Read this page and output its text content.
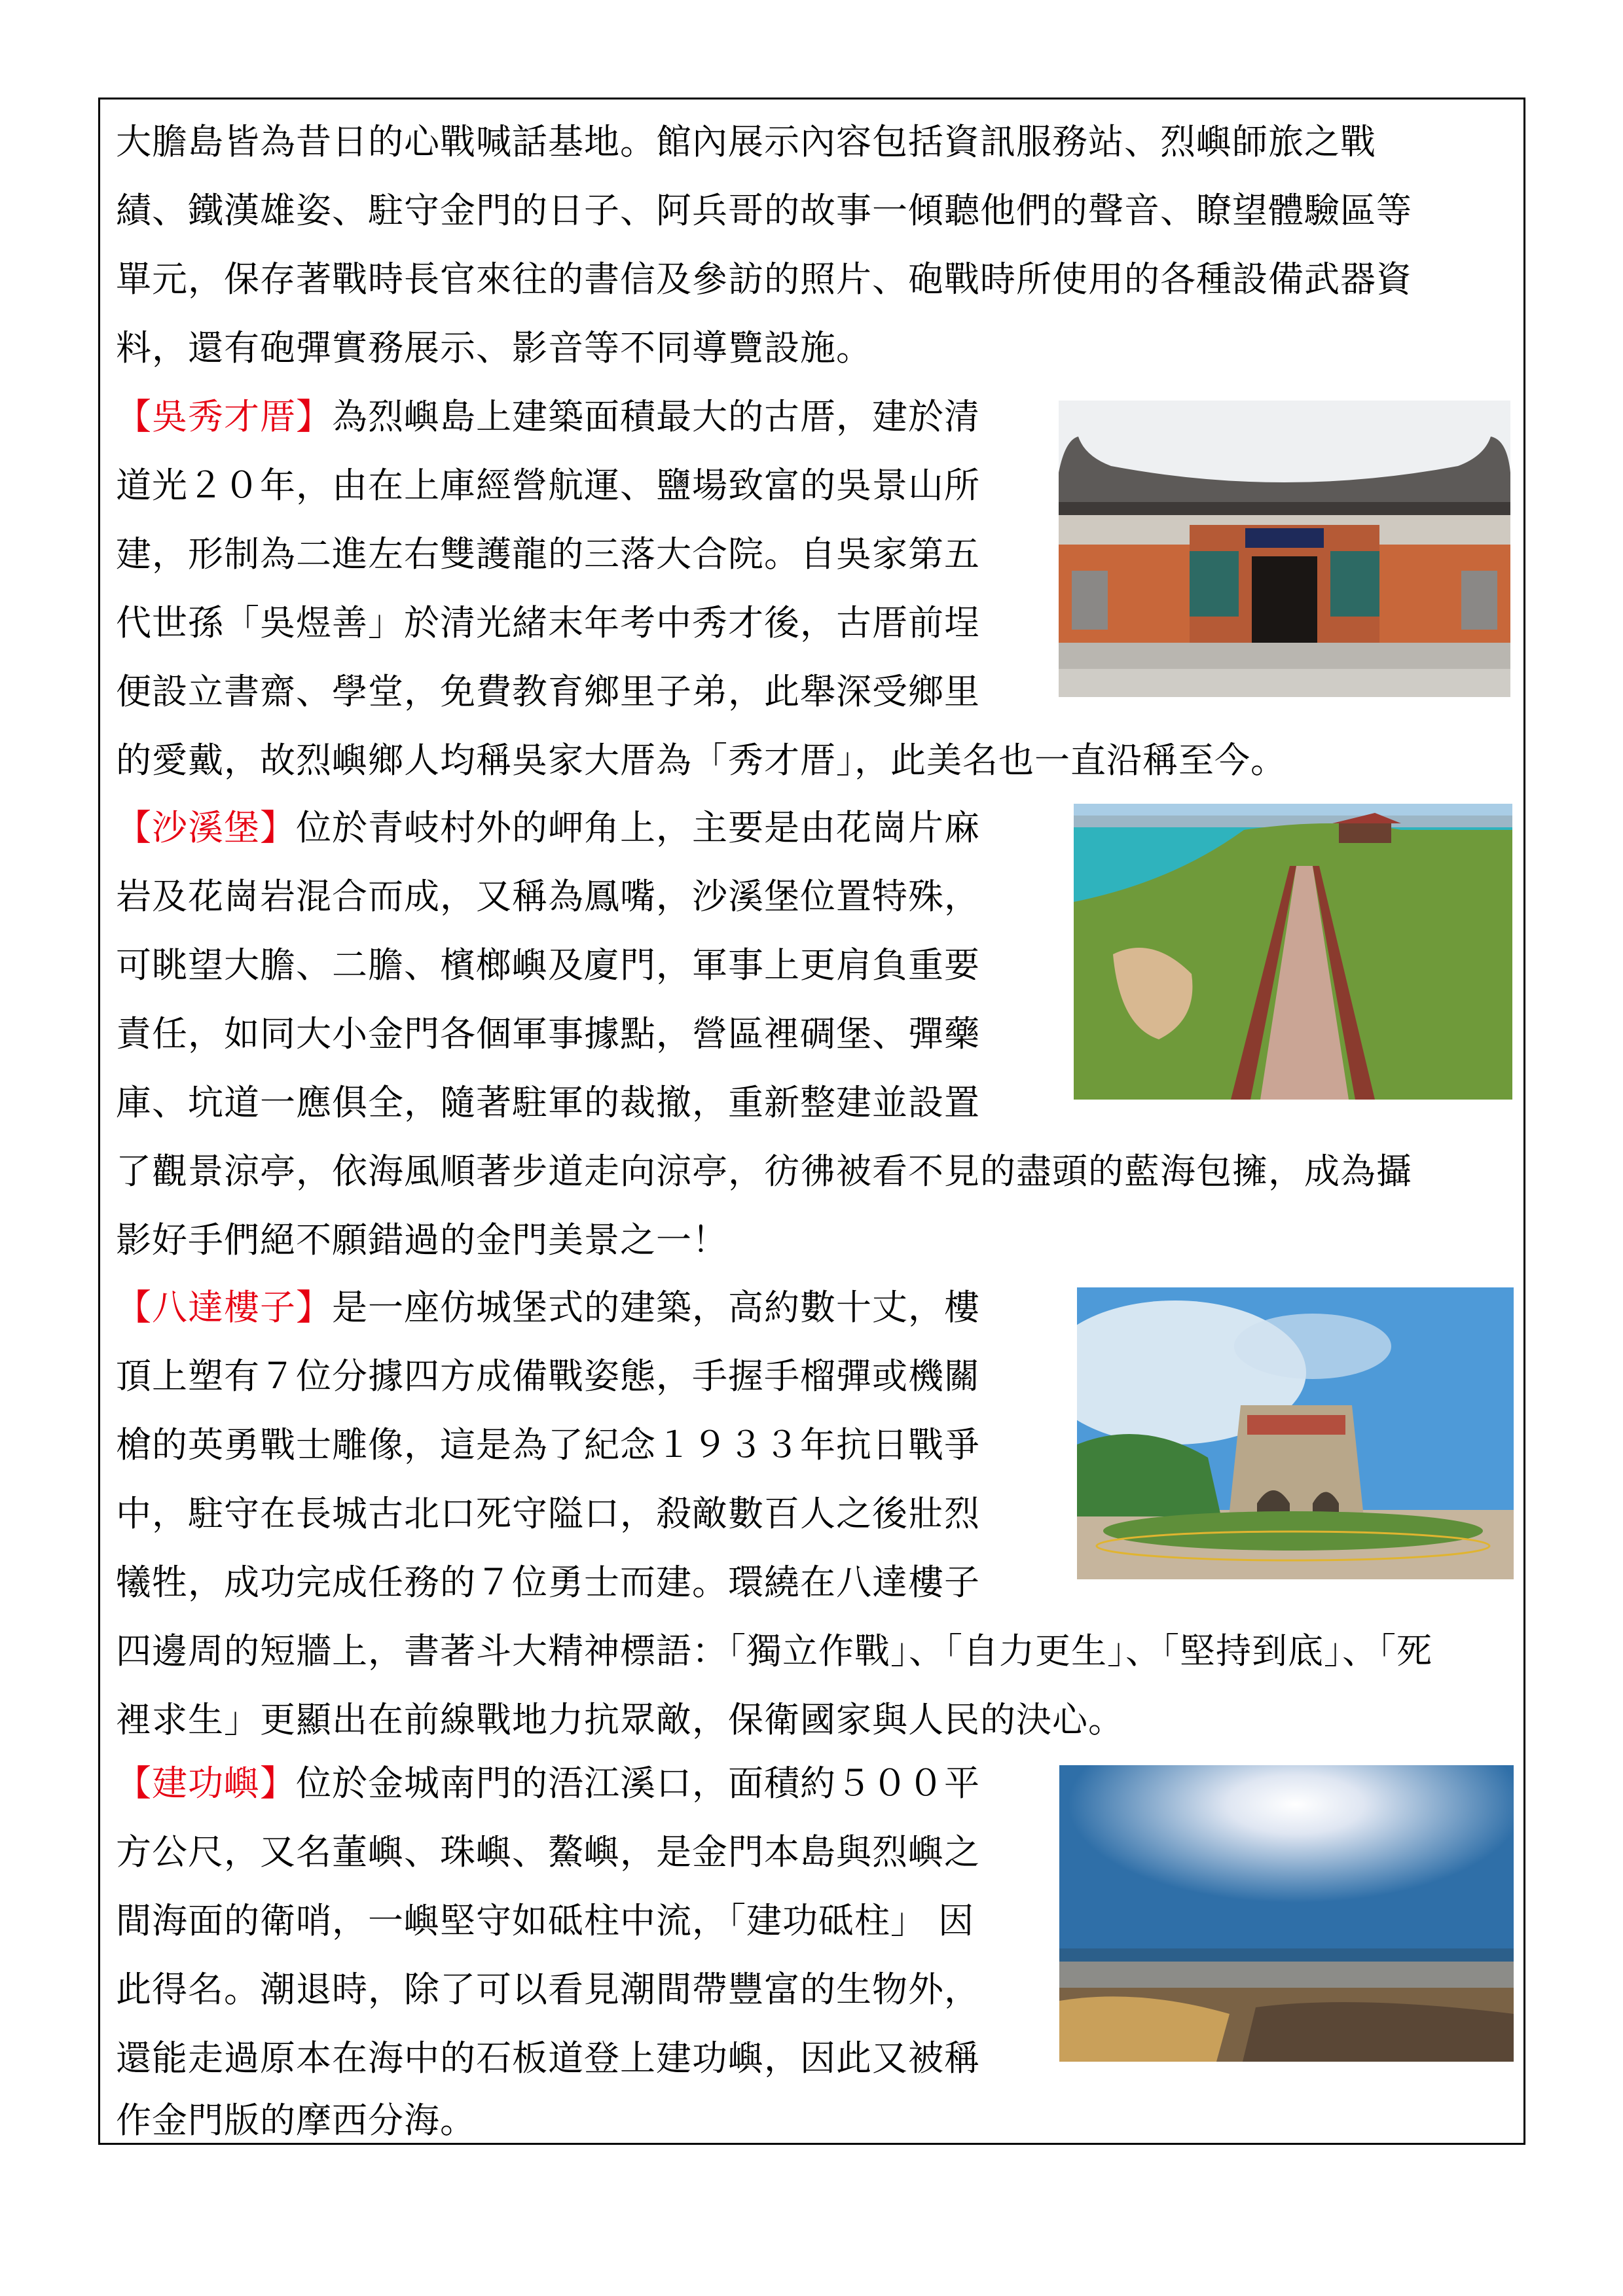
大膽島皆為昔日的心戰喊話基地。館內展示內容包括資訊服務站、烈嶼師旅之戰
績、鐵漢雄姿、駐守金門的日子、阿兵哥的故事一傾聽他們的聲音、瞭望體驗區等
單元，保存著戰時長官來往的書信及參訪的照片、砲戰時所使用的各種設備武器資
料，還有砲彈實務展示、影音等不同導覽設施。
【吳秀才厝】為烈嶼島上建築面積最大的古厝，建於清
道光２０年，由在上庫經營航運、鹽場致富的吳景山所
建，形制為二進左右雙護龍的三落大合院。自吳家第五
代世孫「吳煜善」於清光緒末年考中秀才後，古厝前埕
便設立書齋、學堂，免費教育鄉里子弟，此舉深受鄉里
的愛戴，故烈嶼鄉人均稱吳家大厝為「秀才厝」，此美名也一直沿稱至今。
【沙溪堡】位於青岐村外的岬角上，主要是由花崗片麻
岩及花崗岩混合而成，又稱為鳳嘴，沙溪堡位置特殊，
可眺望大膽、二膽、檳榔嶼及廈門，軍事上更肩負重要
責任，如同大小金門各個軍事據點，營區裡碉堡、彈藥
庫、坑道一應俱全，隨著駐軍的裁撤，重新整建並設置
了觀景涼亭，依海風順著步道走向涼亭，彷彿被看不見的盡頭的藍海包擁，成為攝
影好手們絕不願錯過的金門美景之一！
【八達樓子】是一座仿城堡式的建築，高約數十丈，樓
頂上塑有７位分據四方成備戰姿態，手握手榴彈或機關
槍的英勇戰士雕像，這是為了紀念１９３３年抗日戰爭
中，駐守在長城古北口死守隘口，殺敵數百人之後壯烈
犧牲，成功完成任務的７位勇士而建。環繞在八達樓子
四邊周的短牆上，書著斗大精神標語：「獨立作戰」、「自力更生」、「堅持到底」、「死
裡求生」更顯出在前線戰地力抗眾敵，保衛國家與人民的決心。
【建功嶼】位於金城南門的浯江溪口，面積約５００平
方公尺，又名董嶼、珠嶼、鰲嶼，是金門本島與烈嶼之
間海面的衛哨，一嶼堅守如砥柱中流，「建功砥柱」 因
此得名。潮退時，除了可以看見潮間帶豐富的生物外，
還能走過原本在海中的石板道登上建功嶼，因此又被稱
作金門版的摩西分海。
